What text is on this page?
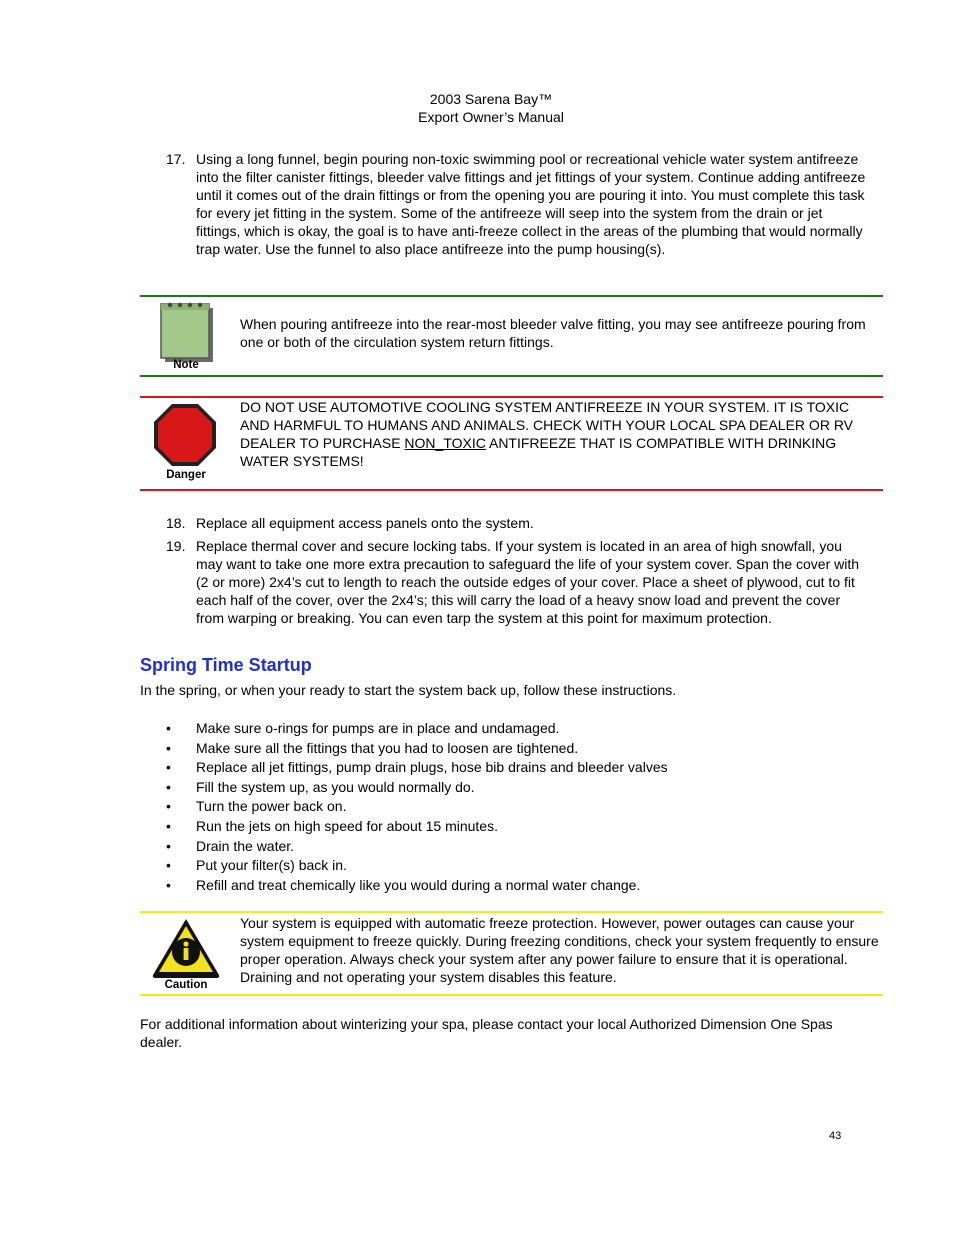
2003 Sarena Bay™
Export Owner’s Manual
17. Using a long funnel, begin pouring non-toxic swimming pool or recreational vehicle water system antifreeze into the filter canister fittings, bleeder valve fittings and jet fittings of your system. Continue adding antifreeze until it comes out of the drain fittings or from the opening you are pouring it into. You must complete this task for every jet fitting in the system. Some of the antifreeze will seep into the system from the drain or jet fittings, which is okay, the goal is to have anti-freeze collect in the areas of the plumbing that would normally trap water. Use the funnel to also place antifreeze into the pump housing(s).
Note
When pouring antifreeze into the rear-most bleeder valve fitting, you may see antifreeze pouring from one or both of the circulation system return fittings.
Danger
DO NOT USE AUTOMOTIVE COOLING SYSTEM ANTIFREEZE IN YOUR SYSTEM. IT IS TOXIC AND HARMFUL TO HUMANS AND ANIMALS. CHECK WITH YOUR LOCAL SPA DEALER OR RV DEALER TO PURCHASE NON_TOXIC ANTIFREEZE THAT IS COMPATIBLE WITH DRINKING WATER SYSTEMS!
18. Replace all equipment access panels onto the system.
19. Replace thermal cover and secure locking tabs. If your system is located in an area of high snowfall, you may want to take one more extra precaution to safeguard the life of your system cover. Span the cover with (2 or more) 2x4’s cut to length to reach the outside edges of your cover. Place a sheet of plywood, cut to fit each half of the cover, over the 2x4’s; this will carry the load of a heavy snow load and prevent the cover from warping or breaking. You can even tarp the system at this point for maximum protection.
Spring Time Startup
In the spring, or when your ready to start the system back up, follow these instructions.
• Make sure o-rings for pumps are in place and undamaged.
• Make sure all the fittings that you had to loosen are tightened.
• Replace all jet fittings, pump drain plugs, hose bib drains and bleeder valves
• Fill the system up, as you would normally do.
• Turn the power back on.
• Run the jets on high speed for about 15 minutes.
• Drain the water.
• Put your filter(s) back in.
• Refill and treat chemically like you would during a normal water change.
Caution
Your system is equipped with automatic freeze protection. However, power outages can cause your system equipment to freeze quickly. During freezing conditions, check your system frequently to ensure proper operation. Always check your system after any power failure to ensure that it is operational. Draining and not operating your system disables this feature.
For additional information about winterizing your spa, please contact your local Authorized Dimension One Spas dealer.
43
